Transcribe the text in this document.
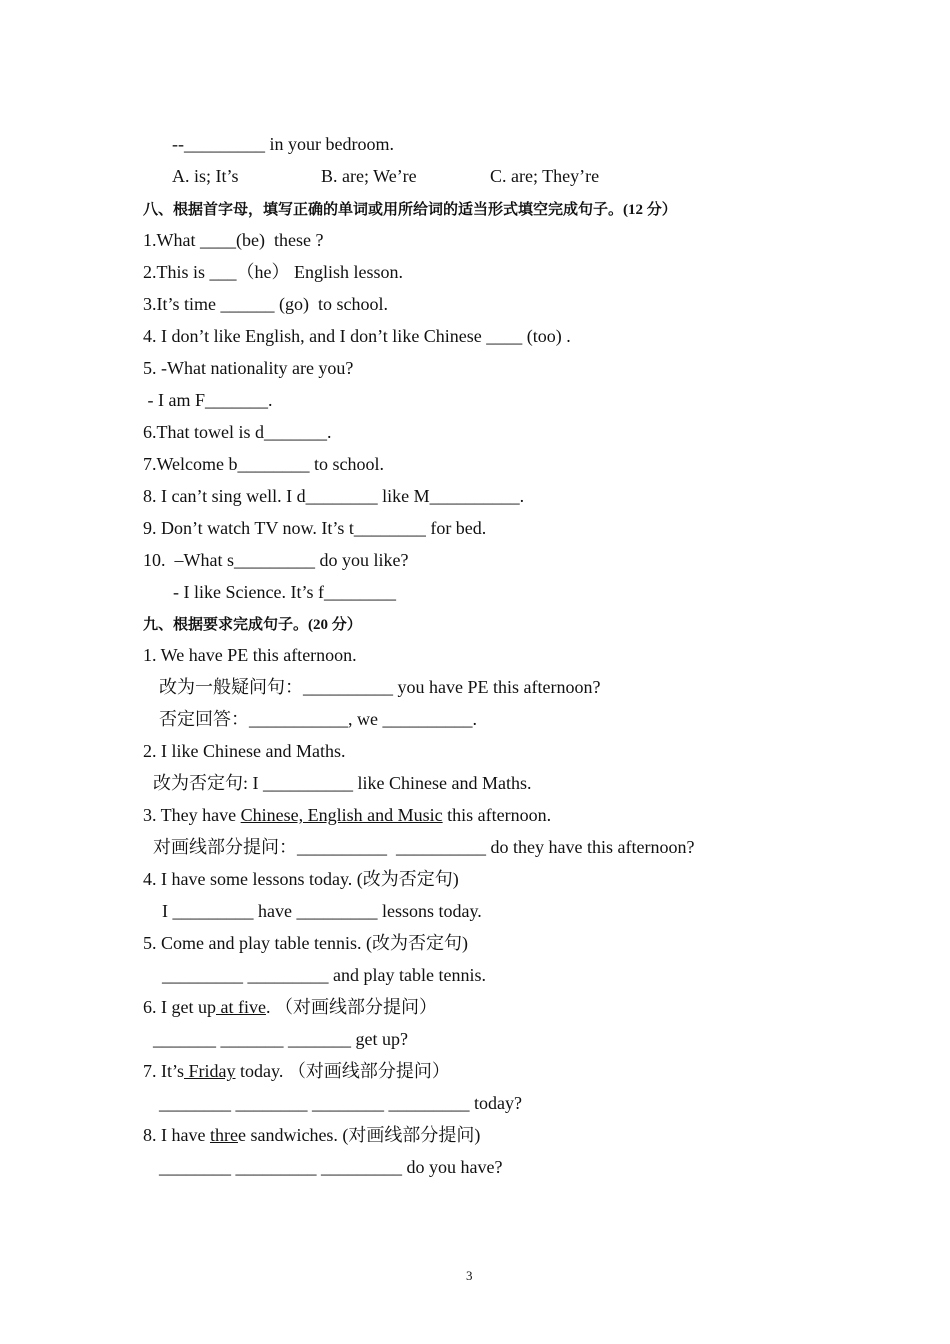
--_________ in your bedroom.
A. is; It’s	B. are; We’re	C. are; They’re
八、根据首字母，填写正确的单词或用所给词的适当形式填空完成句子。(12 分）
1.What ____(be)  these ?
2.This is ___（he） English lesson.
3.It’s time ______ (go)  to school.
4. I don’t like English, and I don’t like Chinese ____ (too) .
5. -What nationality are you?
- I am F_______.
6.That towel is d_______.
7.Welcome b________ to school.
8. I can’t sing well. I d________ like M__________.
9. Don’t watch TV now. It’s t________ for bed.
10.  –What s_________ do you like?
- I like Science. It’s f________
九、根据要求完成句子。(20 分）
1. We have PE this afternoon.
改为一般疑问句：__________ you have PE this afternoon?
否定回答：___________, we __________.
2. I like Chinese and Maths.
改为否定句: I __________ like Chinese and Maths.
3. They have Chinese, English and Music this afternoon.
对画线部分提问：__________  __________ do they have this afternoon?
4. I have some lessons today. (改为否定句)
I _________ have _________ lessons today.
5. Come and play table tennis. (改为否定句)
_________ _________ and play table tennis.
6. I get up at five. （对画线部分提问）
_______ _______ _______ get up?
7. It’s Friday today. （对画线部分提问）
________ ________ ________ _________ today?
8. I have three sandwiches. (对画线部分提问)
________ _________ _________ do you have?
3
